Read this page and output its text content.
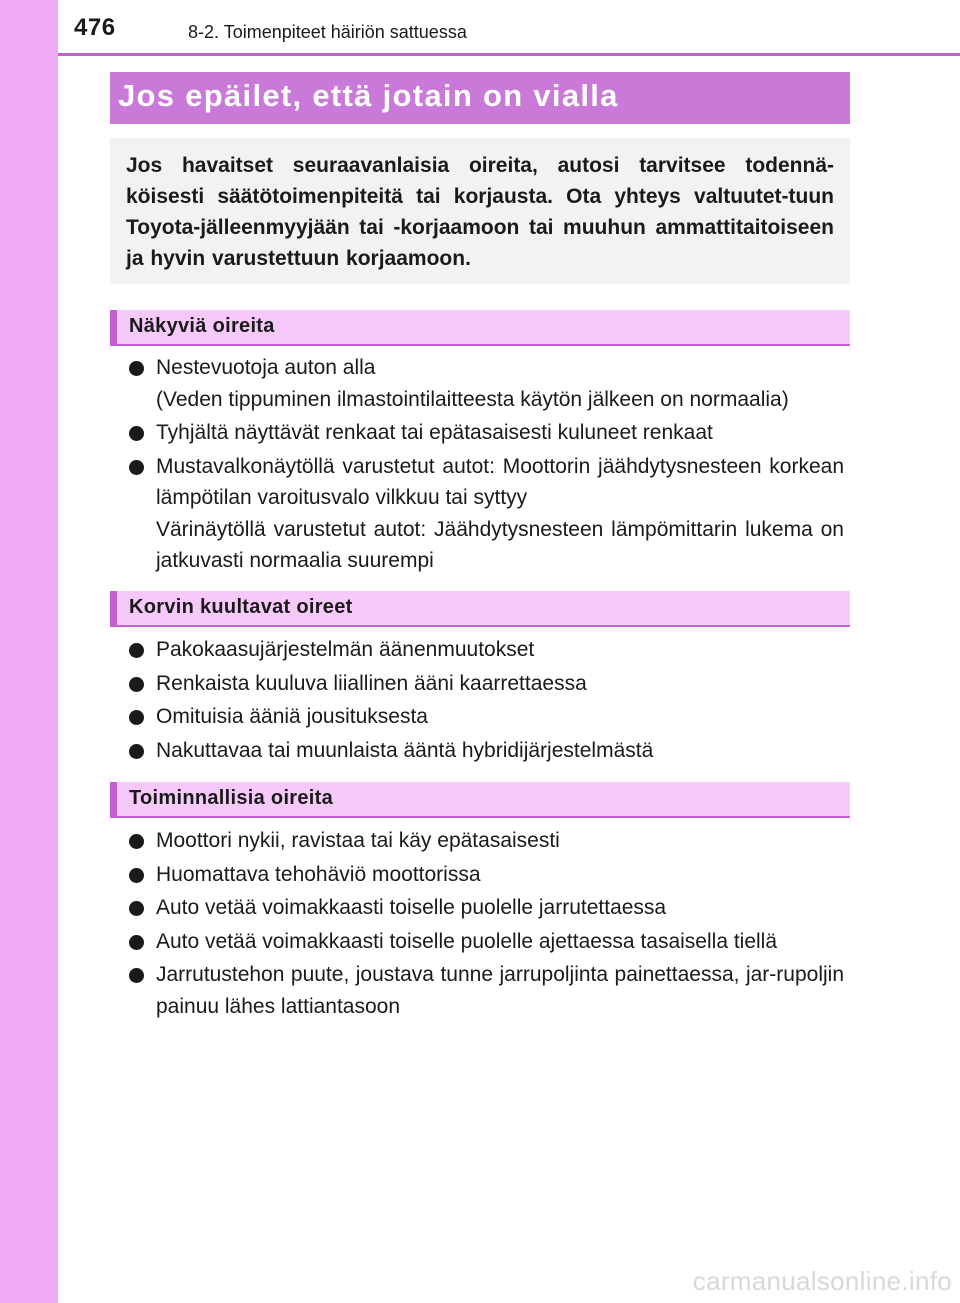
476	8-2. Toimenpiteet häiriön sattuessa
Jos epäilet, että jotain on vialla

Jos havaitset seuraavanlaisia oireita, autosi tarvitsee todennä-köisesti säätötoimenpiteitä tai korjausta. Ota yhteys valtuutet-tuun Toyota-jälleenmyyjään tai -korjaamoon tai muuhun ammattitaitoiseen ja hyvin varustettuun korjaamoon.

Näkyviä oireita
Nestevuotoja auton alla
(Veden tippuminen ilmastointilaitteesta käytön jälkeen on normaalia)
Tyhjältä näyttävät renkaat tai epätasaisesti kuluneet renkaat
Mustavalkonäytöllä varustetut autot: Moottorin jäähdytysnesteen korkean lämpötilan varoitusvalo vilkkuu tai syttyy
Värinäytöllä varustetut autot: Jäähdytysnesteen lämpömittarin lukema on jatkuvasti normaalia suurempi
Korvin kuultavat oireet
Pakokaasujärjestelmän äänenmuutokset
Renkaista kuuluva liiallinen ääni kaarrettaessa
Omituisia ääniä jousituksesta
Nakuttavaa tai muunlaista ääntä hybridijärjestelmästä
Toiminnallisia oireita
Moottori nykii, ravistaa tai käy epätasaisesti
Huomattava tehohäviö moottorissa
Auto vetää voimakkaasti toiselle puolelle jarrutettaessa
Auto vetää voimakkaasti toiselle puolelle ajettaessa tasaisella tiellä
Jarrutustehon puute, joustava tunne jarrupoljinta painettaessa, jar-rupoljin painuu lähes lattiantasoon
carmanualsonline.info
